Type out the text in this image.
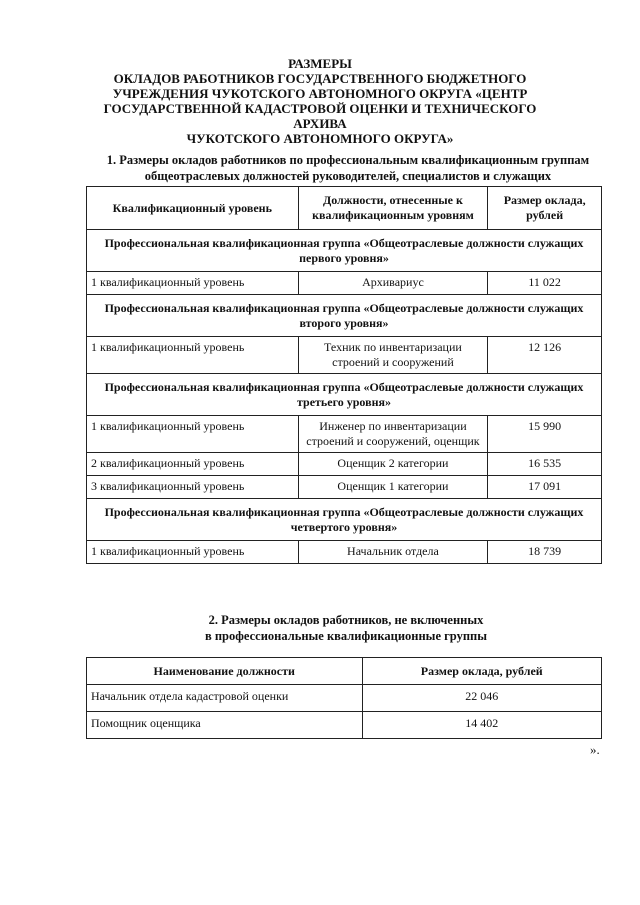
РАЗМЕРЫ
ОКЛАДОВ РАБОТНИКОВ ГОСУДАРСТВЕННОГО БЮДЖЕТНОГО
УЧРЕЖДЕНИЯ ЧУКОТСКОГО АВТОНОМНОГО ОКРУГА «ЦЕНТР
ГОСУДАРСТВЕННОЙ КАДАСТРОВОЙ ОЦЕНКИ И ТЕХНИЧЕСКОГО АРХИВА
ЧУКОТСКОГО АВТОНОМНОГО ОКРУГА»
1. Размеры окладов работников по профессиональным квалификационным группам
общеотраслевых должностей руководителей, специалистов и служащих
Квалификационный уровень	Должности, отнесенные к квалификационным уровням	Размер оклада, рублей
Профессиональная квалификационная группа «Общеотраслевые должности служащих первого уровня»		
1 квалификационный уровень	Архивариус	11 022
Профессиональная квалификационная группа «Общеотраслевые должности служащих второго уровня»		
1 квалификационный уровень	Техник по инвентаризации строений и сооружений	12 126
Профессиональная квалификационная группа «Общеотраслевые должности служащих третьего уровня»		
1 квалификационный уровень	Инженер по инвентаризации строений и сооружений, оценщик	15 990
2 квалификационный уровень	Оценщик 2 категории	16 535
3 квалификационный уровень	Оценщик 1 категории	17 091
Профессиональная квалификационная группа «Общеотраслевые должности служащих четвертого уровня»		
1 квалификационный уровень	Начальник отдела	18 739
2. Размеры окладов работников, не включенных
в профессиональные квалификационные группы
Наименование должности	Размер оклада, рублей
Начальник отдела кадастровой оценки	22 046
Помощник оценщика	14 402
».
